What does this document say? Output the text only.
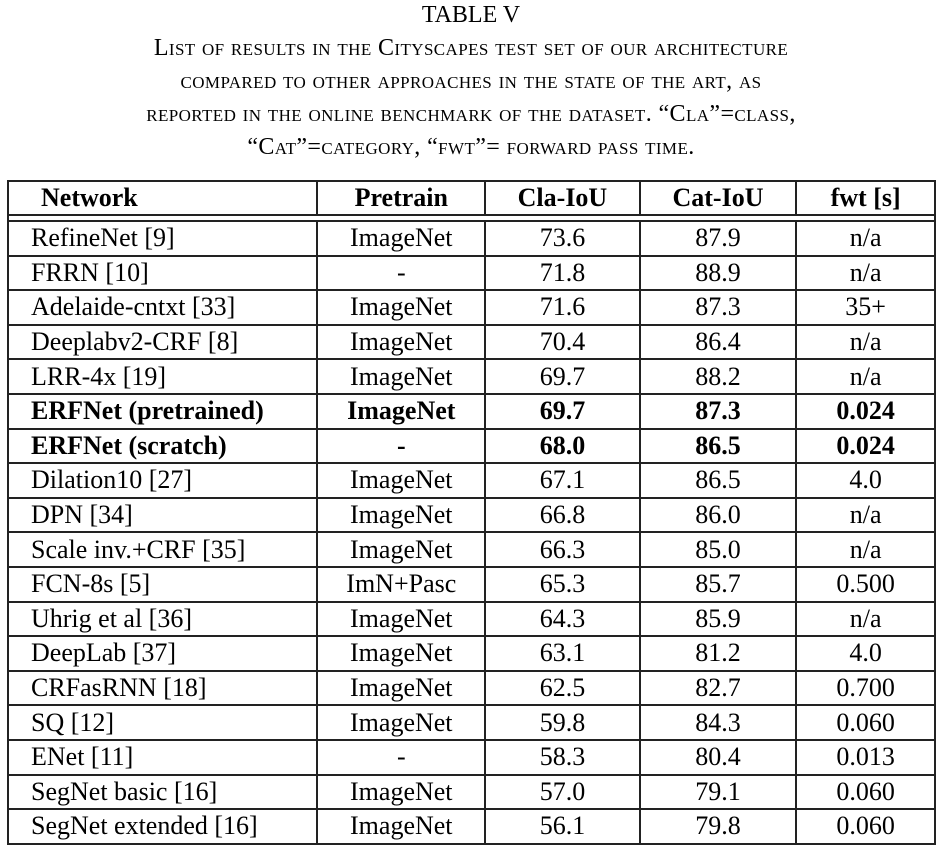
TABLE V
List of results in the Cityscapes test set of our architecture
compared to other approaches in the state of the art, as
reported in the online benchmark of the dataset. “Cla”=class,
“Cat”=category, “fwt”= forward pass time.
Network	Pretrain	Cla-IoU	Cat-IoU	fwt [s]

RefineNet [9]	ImageNet	73.6	87.9	n/a
FRRN [10]	-	71.8	88.9	n/a
Adelaide-cntxt [33]	ImageNet	71.6	87.3	35+
Deeplabv2-CRF [8]	ImageNet	70.4	86.4	n/a
LRR-4x [19]	ImageNet	69.7	88.2	n/a
ERFNet (pretrained)	ImageNet	69.7	87.3	0.024
ERFNet (scratch)	-	68.0	86.5	0.024
Dilation10 [27]	ImageNet	67.1	86.5	4.0
DPN [34]	ImageNet	66.8	86.0	n/a
Scale inv.+CRF [35]	ImageNet	66.3	85.0	n/a
FCN-8s [5]	ImN+Pasc	65.3	85.7	0.500
Uhrig et al [36]	ImageNet	64.3	85.9	n/a
DeepLab [37]	ImageNet	63.1	81.2	4.0
CRFasRNN [18]	ImageNet	62.5	82.7	0.700
SQ [12]	ImageNet	59.8	84.3	0.060
ENet [11]	-	58.3	80.4	0.013
SegNet basic [16]	ImageNet	57.0	79.1	0.060
SegNet extended [16]	ImageNet	56.1	79.8	0.060
